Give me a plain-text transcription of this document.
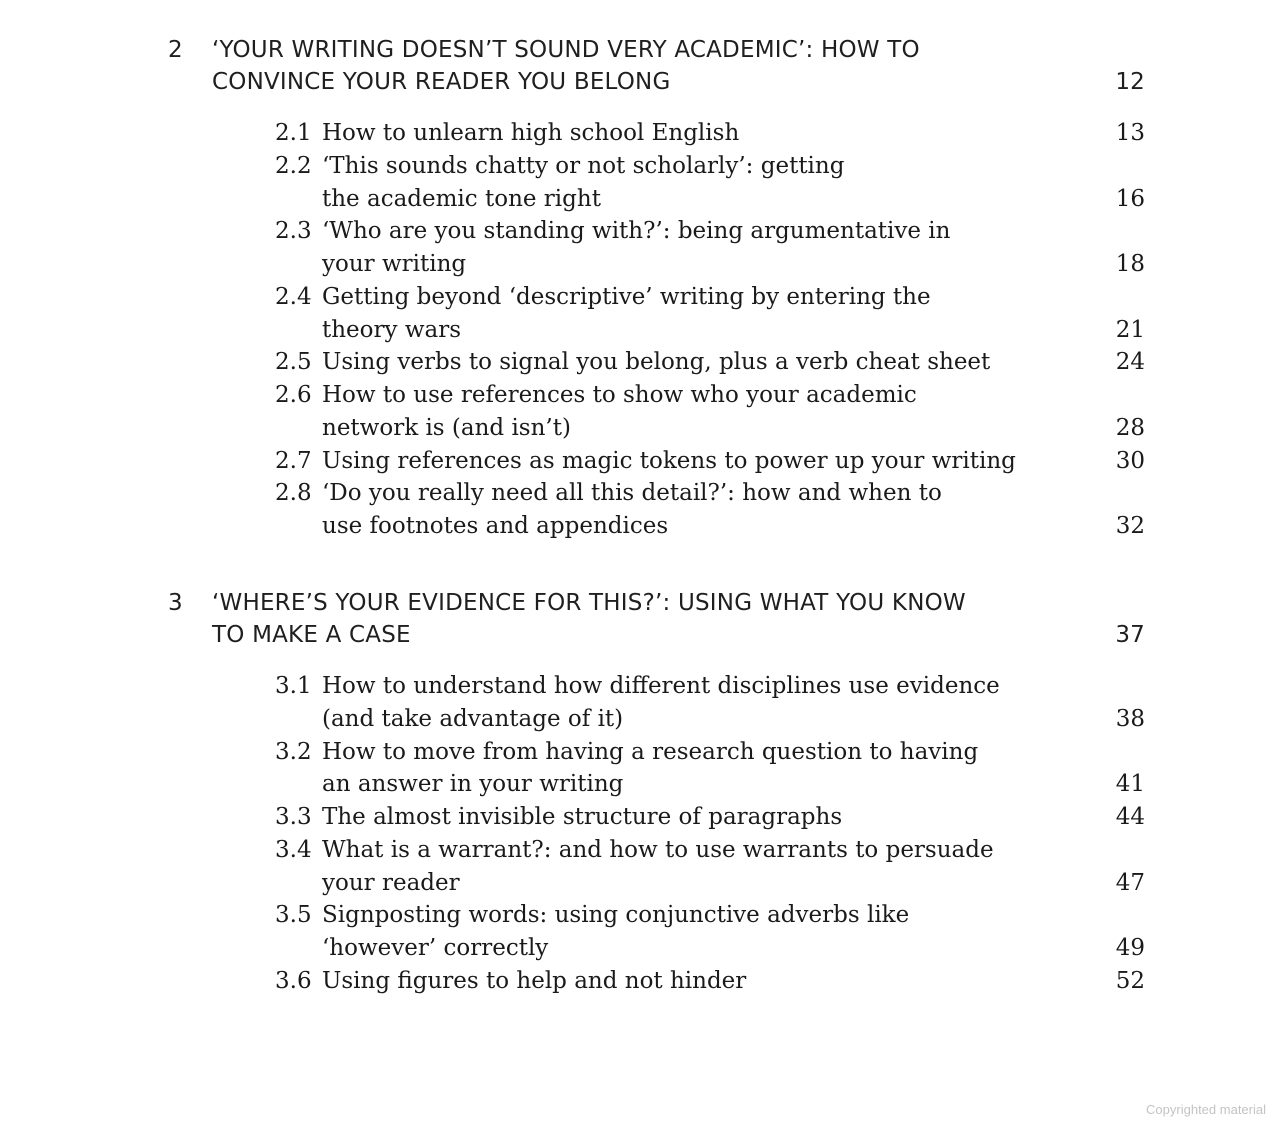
2 ‘YOUR WRITING DOESN’T SOUND VERY ACADEMIC’: HOW TO
CONVINCE YOUR READER YOU BELONG	12
2.1 How to unlearn high school English	13
2.2 ‘This sounds chatty or not scholarly’: getting
the academic tone right	16
2.3 ‘Who are you standing with?’: being argumentative in
your writing	18
2.4 Getting beyond ‘descriptive’ writing by entering the
theory wars	21
2.5 Using verbs to signal you belong, plus a verb cheat sheet	24
2.6 How to use references to show who your academic
network is (and isn’t)	28
2.7 Using references as magic tokens to power up your writing	30
2.8 ‘Do you really need all this detail?’: how and when to
use footnotes and appendices	32
3 ‘WHERE’S YOUR EVIDENCE FOR THIS?’: USING WHAT YOU KNOW
TO MAKE A CASE	37
3.1 How to understand how different disciplines use evidence
(and take advantage of it)	38
3.2 How to move from having a research question to having
an answer in your writing	41
3.3 The almost invisible structure of paragraphs	44
3.4 What is a warrant?: and how to use warrants to persuade
your reader	47
3.5 Signposting words: using conjunctive adverbs like
‘however’ correctly	49
3.6 Using figures to help and not hinder	52
Copyrighted material
